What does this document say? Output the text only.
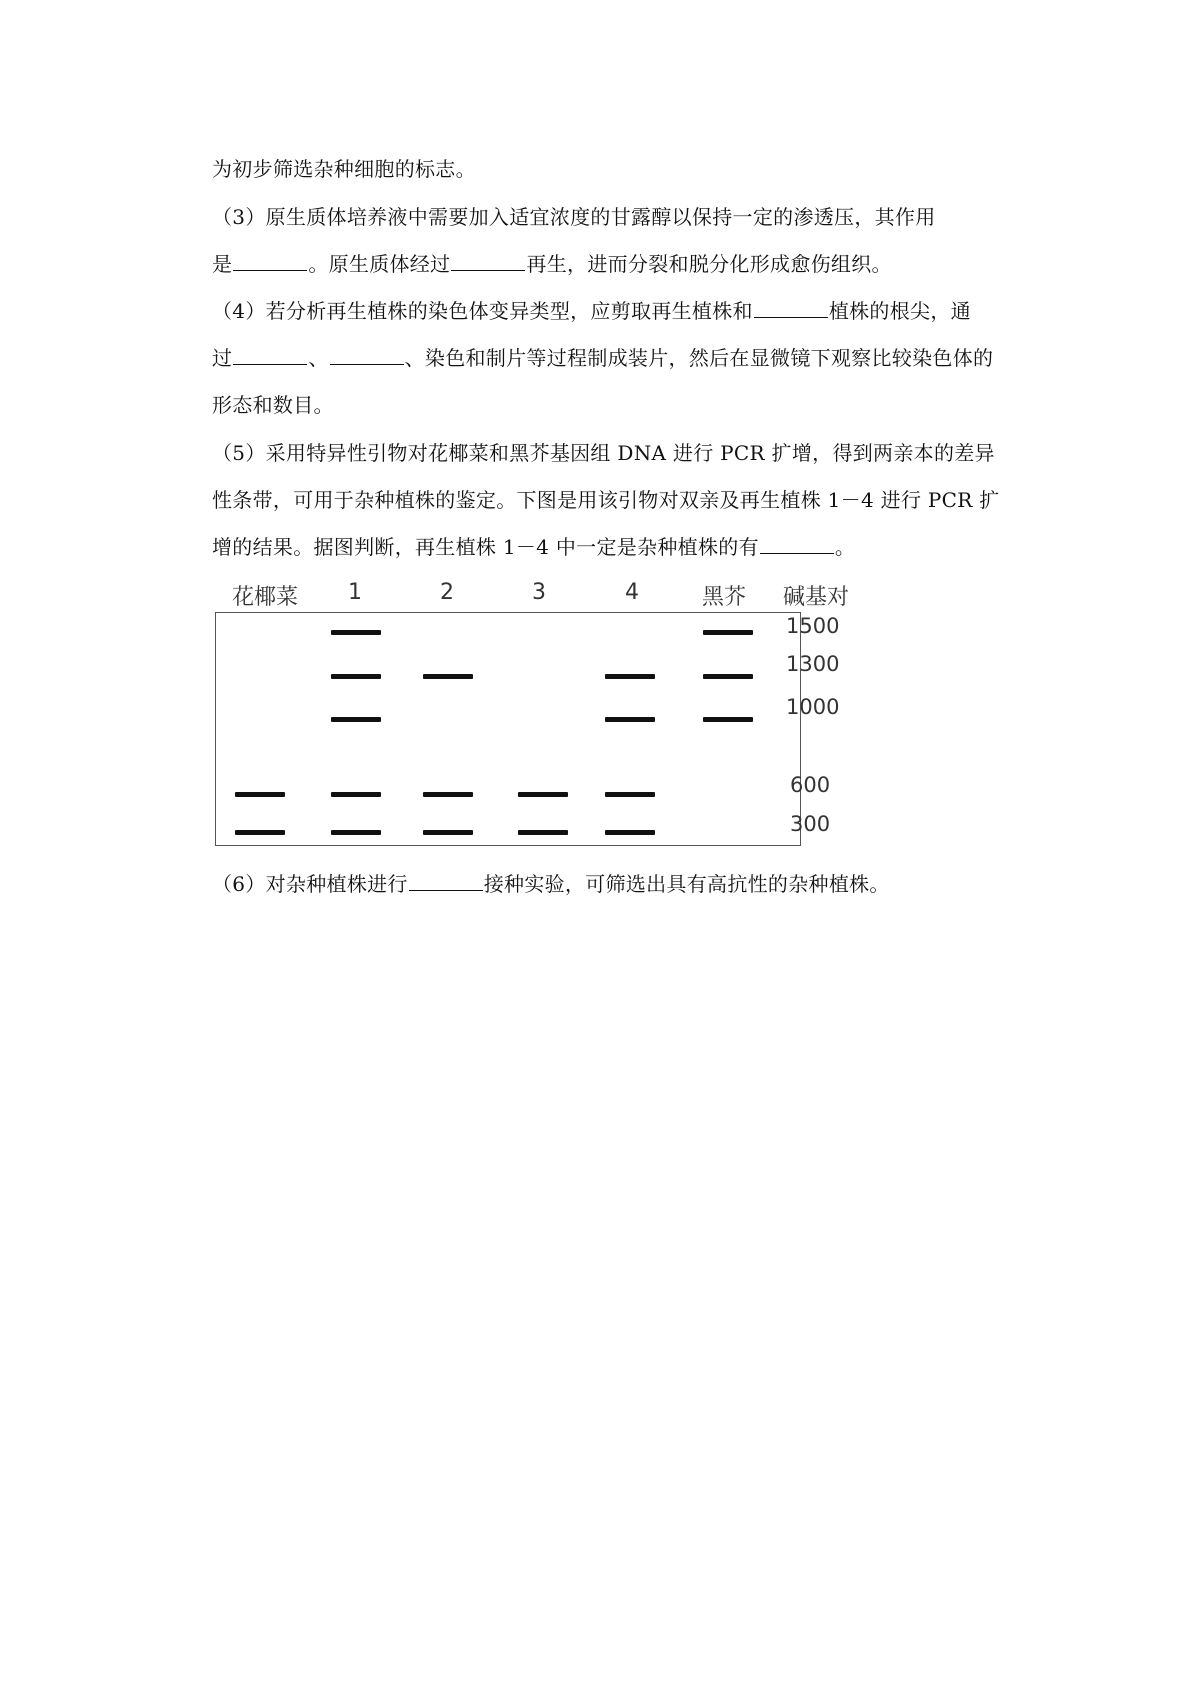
为初步筛选杂种细胞的标志。
（3）原生质体培养液中需要加入适宜浓度的甘露醇以保持一定的渗透压，其作用
是	。原生质体经过	再生，进而分裂和脱分化形成愈伤组织。
（4）若分析再生植株的染色体变异类型，应剪取再生植株和	植株的根尖，通
过	、	、染色和制片等过程制成装片，然后在显微镜下观察比较染色体的
形态和数目。
（5）采用特异性引物对花椰菜和黑芥基因组 DNA 进行 PCR 扩增，得到两亲本的差异
性条带，可用于杂种植株的鉴定。下图是用该引物对双亲及再生植株 1－4 进行 PCR 扩
增的结果。据图判断，再生植株 1－4 中一定是杂种植株的有	。
（6）对杂种植株进行	接种实验，可筛选出具有高抗性的杂种植株。
花椰菜	1	2	3	4	黑芥	碱基对
1500
1300
1000
600
300
